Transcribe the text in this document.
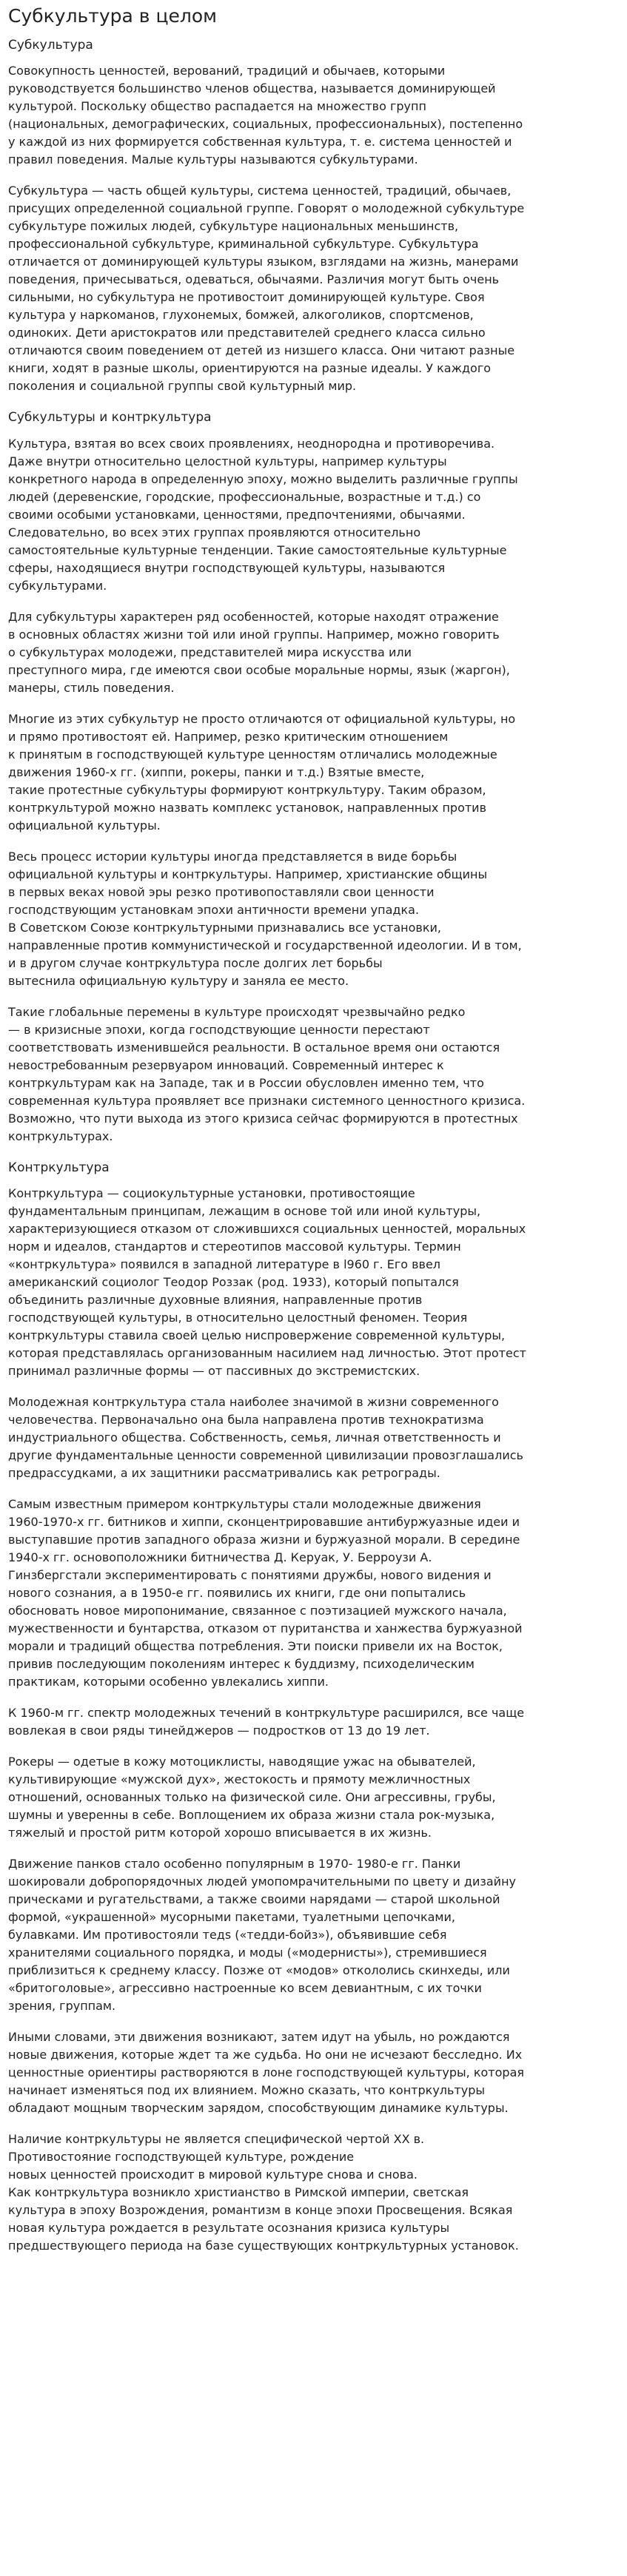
Субкультура в целом
Субкультура

Совокупность ценностей, верований, традиций и обычаев, которыми
руководствуется большинство членов общества, называется доминирующей
культурой. Поскольку общество распадается на множество групп
(национальных, демографических, социальных, профессиональных), постепенно
у каждой из них формируется собственная культура, т. е. система ценностей и
правил поведения. Малые культуры называются субкультурами.

Субкультура — часть общей культуры, система ценностей, традиций, обычаев,
присущих определенной социальной группе. Говорят о молодежной субкультуре
субкультуре пожилых людей, субкультуре национальных меньшинств,
профессиональной субкультуре, криминальной субкультуре. Субкультура
отличается от доминирующей культуры языком, взглядами на жизнь, манерами
поведения, причесываться, одеваться, обычаями. Различия могут быть очень
сильными, но субкультура не противостоит доминирующей культуре. Своя
культура у наркоманов, глухонемых, бомжей, алкоголиков, спортсменов,
одиноких. Дети аристократов или представителей среднего класса сильно
отличаются своим поведением от детей из низшего класса. Они читают разные
книги, ходят в разные школы, ориентируются на разные идеалы. У каждого
поколения и социальной группы свой культурный мир.

Субкультуры и контркультура

Культура, взятая во всех своих проявлениях, неоднородна и противоречива.
Даже внутри относительно целостной культуры, например культуры
конкретного народа в определенную эпоху, можно выделить различные группы
людей (деревенские, городские, профессиональные, возрастные и т.д.) со
своими особыми установками, ценностями, предпочтениями, обычаями.
Следовательно, во всех этих группах проявляются относительно
самостоятельные культурные тенденции. Такие самостоятельные культурные
сферы, находящиеся внутри господствующей культуры, называются
субкультурами.

Для субкультуры характерен ряд особенностей, которые находят отражение
в основных областях жизни той или иной группы. Например, можно говорить
о субкультурах молодежи, представителей мира искусства или
преступного мира, где имеются свои особые моральные нормы, язык (жаргон),
манеры, стиль поведения.

Многие из этих субкультур не просто отличаются от официальной культуры, но
и прямо противостоят ей. Например, резко критическим отношением
к принятым в господствующей культуре ценностям отличались молодежные
движения 1960-х гг. (хиппи, рокеры, панки и т.д.) Взятые вместе,
такие протестные субкультуры формируют контркультуру. Таким образом,
контркультурой можно назвать комплекс установок, направленных против
официальной культуры.

Весь процесс истории культуры иногда представляется в виде борьбы
официальной культуры и контркультуры. Например, христианские общины
в первых веках новой эры резко противопоставляли свои ценности
господствующим установкам эпохи античности времени упадка.
В Советском Союзе контркультурными признавались все установки,
направленные против коммунистической и государственной идеологии. И в том,
и в другом случае контркультура после долгих лет борьбы
вытеснила официальную культуру и заняла ее место.

Такие глобальные перемены в культуре происходят чрезвычайно редко
— в кризисные эпохи, когда господствующие ценности перестают
соответствовать изменившейся реальности. В остальное время они остаются
невостребованным резервуаром инноваций. Современный интерес к
контркультурам как на Западе, так и в России обусловлен именно тем, что
современная культура проявляет все признаки системного ценностного кризиса.
Возможно, что пути выхода из этого кризиса сейчас формируются в протестных
контркультурах.

Контркультура

Контркультура — социокультурные установки, противостоящие
фундаментальным принципам, лежащим в основе той или иной культуры,
характеризующиеся отказом от сложившихся социальных ценностей, моральных
норм и идеалов, стандартов и стереотипов массовой культуры. Термин
«контркультура» появился в западной литературе в l960 г. Его ввел
американский социолог Теодор Роззак (род. 1933), который попытался
объединить различные духовные влияния, направленные против
господствующей культуры, в относительно целостный феномен. Теория
контркультуры ставила своей целью ниспровержение современной культуры,
которая представлялась организованным насилием над личностью. Этот протест
принимал различные формы — от пассивных до экстремистских.

Молодежная контркультура стала наиболее значимой в жизни современного
человечества. Первоначально она была направлена против технократизма
индустриального общества. Собственность, семья, личная ответственность и
другие фундаментальные ценности современной цивилизации провозглашались
предрассудками, а их защитники рассматривались как ретрограды.

Самым известным примером контркультуры стали молодежные движения
1960-1970-х гг. битников и хиппи, сконцентрировавшие антибуржуазные идеи и
выступавшие против западного образа жизни и буржуазной морали. В середине
1940-х гг. основоположники битничества Д. Керуак, У. Берроузи А.
Гинзбергстали экспериментировать с понятиями дружбы, нового видения и
нового сознания, а в 1950-е гг. появились их книги, где они попытались
обосновать новое миропонимание, связанное с поэтизацией мужского начала,
мужественности и бунтарства, отказом от пуританства и ханжества буржуазной
морали и традиций общества потребления. Эти поиски привели их на Восток,
привив последующим поколениям интерес к буддизму, психоделическим
практикам, которыми особенно увлекались хиппи.

К 1960-м гг. спектр молодежных течений в контркультуре расширился, все чаще
вовлекая в свои ряды тинейджеров — подростков от 13 до 19 лет.

Рокеры — одетые в кожу мотоциклисты, наводящие ужас на обывателей,
культивирующие «мужской дух», жестокость и прямоту межличностных
отношений, основанных только на физической силе. Они агрессивны, грубы,
шумны и уверенны в себе. Воплощением их образа жизни стала рок-музыка,
тяжелый и простой ритм которой хорошо вписывается в их жизнь.

Движение панков стало особенно популярным в 1970- 1980-е гг. Панки
шокировали добропорядочных людей умопомрачительными по цвету и дизайну
прическами и ругательствами, а также своими нарядами — старой школьной
формой, «украшенной» мусорными пакетами, туалетными цепочками,
булавками. Им противостояли тедs («тедди-бойз»), объявившие себя
хранителями социального порядка, и моды («модернисты»), стремившиеся
приблизиться к среднему классу. Позже от «модов» откололись скинхеды, или
«бритоголовые», агрессивно настроенные ко всем девиантным, с их точки
зрения, группам.

Иными словами, эти движения возникают, затем идут на убыль, но рождаются
новые движения, которые ждет та же судьба. Но они не исчезают бесследно. Их
ценностные ориентиры растворяются в лоне господствующей культуры, которая
начинает изменяться под их влиянием. Можно сказать, что контркультуры
обладают мощным творческим зарядом, способствующим динамике культуры.

Наличие контркультуры не является специфической чертой XX в.
Противостояние господствующей культуре, рождение
новых ценностей происходит в мировой культуре снова и снова.
Как контркультура возникло христианство в Римской империи, светская
культура в эпоху Возрождения, романтизм в конце эпохи Просвещения. Всякая
новая культура рождается в результате осознания кризиса культуры
предшествующего периода на базе существующих контркультурных установок.
